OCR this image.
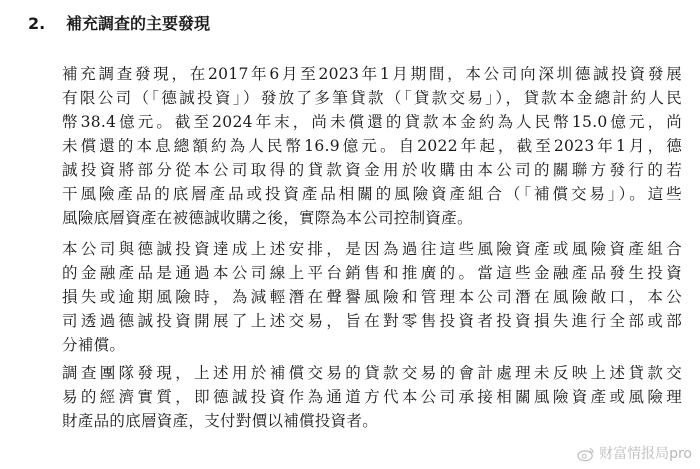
2. 補充調查的主要發現
補充調查發現，在2017年6月至2023年1月期間，本公司向深圳德誠投資發展
有限公司（「德誠投資」）發放了多筆貸款（「貸款交易」），貸款本金總計約人民
幣38.4億元。截至2024年末，尚未償還的貸款本金約為人民幣15.0億元，尚
未償還的本息總額約為人民幣16.9億元。自2022年起，截至2023年1月，德
誠投資將部分從本公司取得的貸款資金用於收購由本公司的關聯方發行的若
干風險產品的底層產品或投資產品相關的風險資產組合（「補償交易」）。這些
風險底層資產在被德誠收購之後，實際為本公司控制資產。
本公司與德誠投資達成上述安排，是因為過往這些風險資產或風險資產組合
的金融產品是通過本公司線上平台銷售和推廣的。當這些金融產品發生投資
損失或逾期風險時，為減輕潛在聲譽風險和管理本公司潛在風險敞口，本公
司透過德誠投資開展了上述交易，旨在對零售投資者投資損失進行全部或部
分補償。
調查團隊發現，上述用於補償交易的貸款交易的會計處理未反映上述貸款交
易的經濟實質，即德誠投資作為通道方代本公司承接相關風險資產或風險理
財產品的底層資產，支付對價以補償投資者。
财富情报局pro
